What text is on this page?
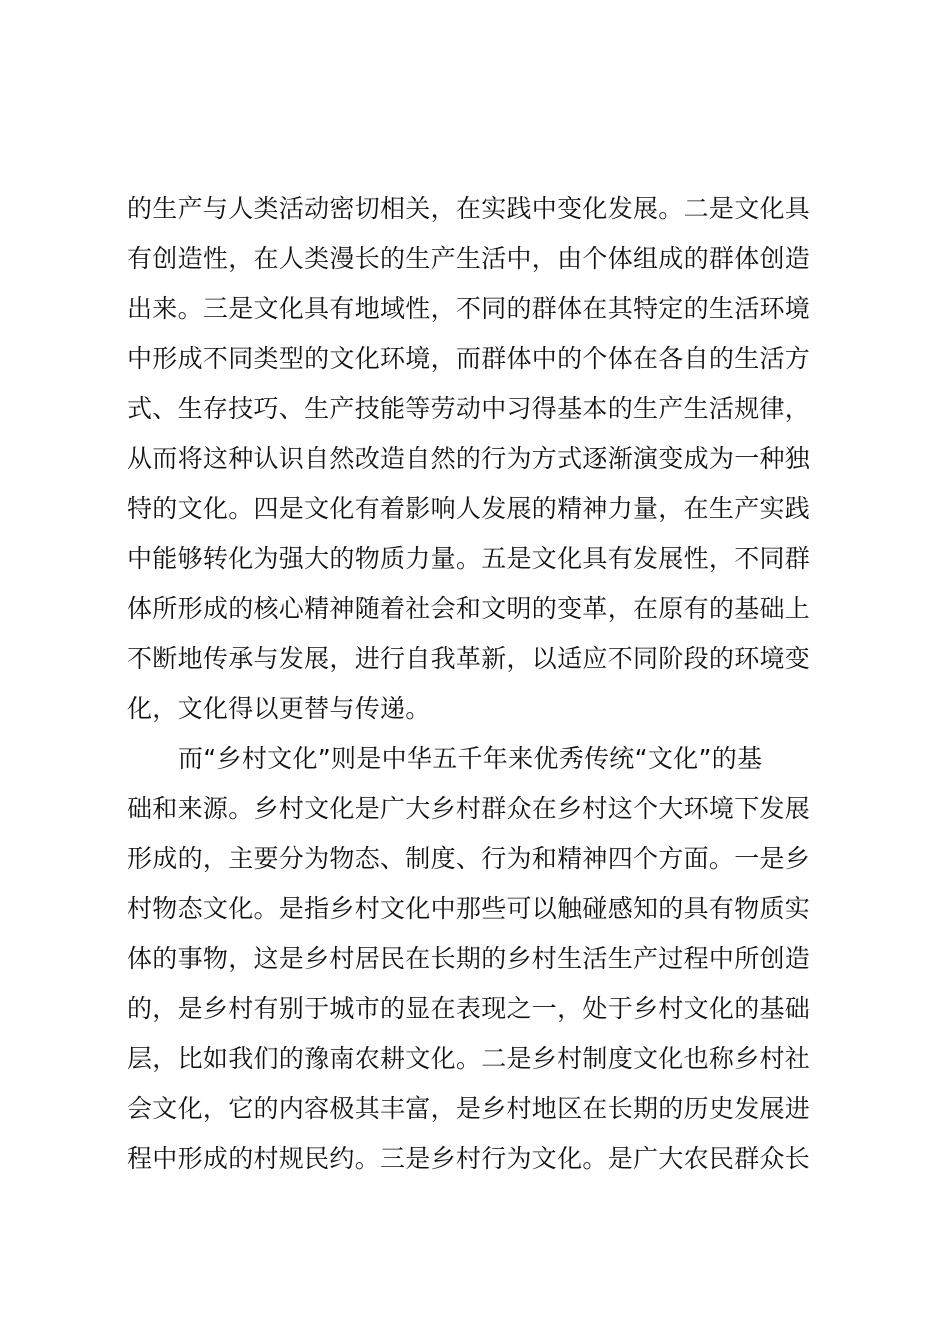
的生产与人类活动密切相关，在实践中变化发展。二是文化具
有创造性，在人类漫长的生产生活中，由个体组成的群体创造
出来。三是文化具有地域性，不同的群体在其特定的生活环境
中形成不同类型的文化环境，而群体中的个体在各自的生活方
式、生存技巧、生产技能等劳动中习得基本的生产生活规律，
从而将这种认识自然改造自然的行为方式逐渐演变成为一种独
特的文化。四是文化有着影响人发展的精神力量，在生产实践
中能够转化为强大的物质力量。五是文化具有发展性，不同群
体所形成的核心精神随着社会和文明的变革，在原有的基础上
不断地传承与发展，进行自我革新，以适应不同阶段的环境变
化，文化得以更替与传递。
而“乡村文化”则是中华五千年来优秀传统“文化”的基
础和来源。乡村文化是广大乡村群众在乡村这个大环境下发展
形成的，主要分为物态、制度、行为和精神四个方面。一是乡
村物态文化。是指乡村文化中那些可以触碰感知的具有物质实
体的事物，这是乡村居民在长期的乡村生活生产过程中所创造
的，是乡村有别于城市的显在表现之一，处于乡村文化的基础
层，比如我们的豫南农耕文化。二是乡村制度文化也称乡村社
会文化，它的内容极其丰富，是乡村地区在长期的历史发展进
程中形成的村规民约。三是乡村行为文化。是广大农民群众长
